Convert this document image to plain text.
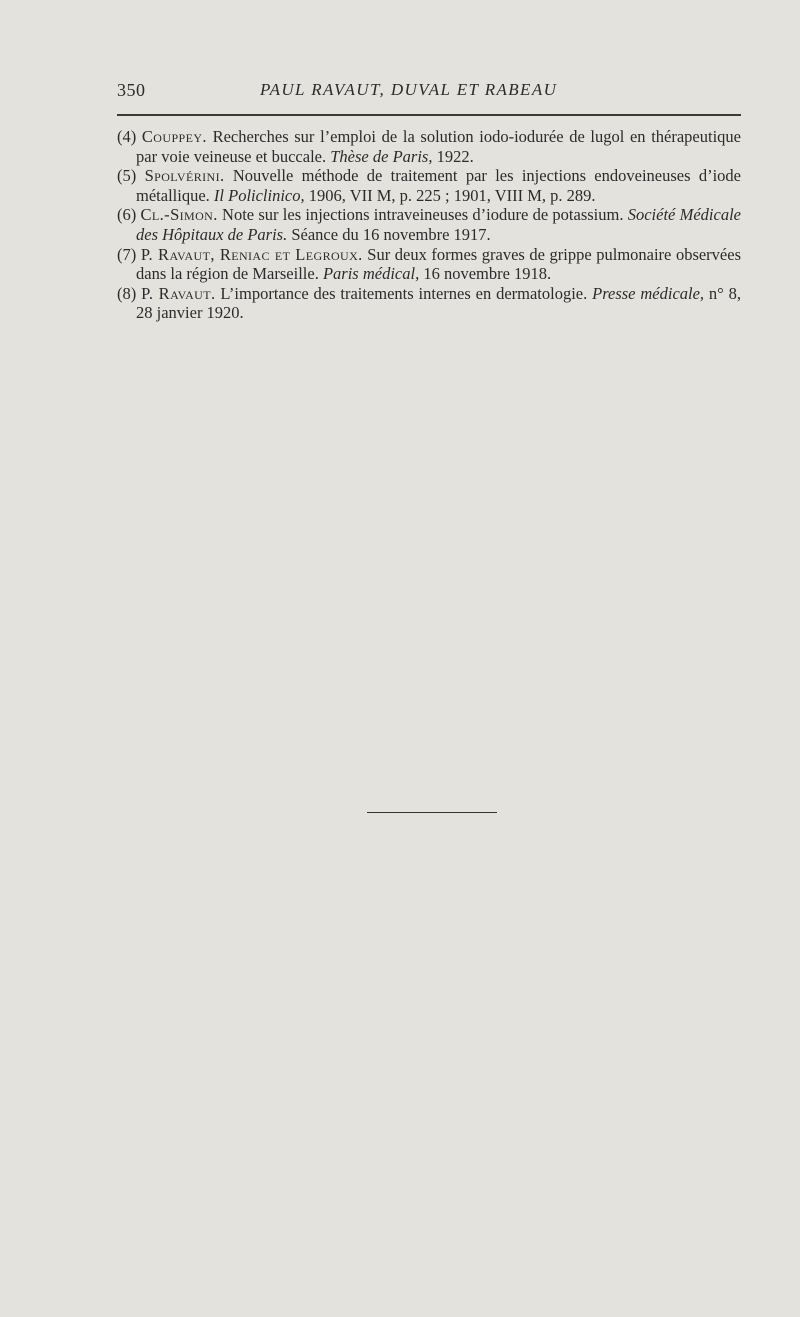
350	PAUL RAVAUT, DUVAL ET RABEAU

(4) Couppey. Recherches sur l’emploi de la solution iodo-iodurée de lugol en thérapeutique par voie veineuse et buccale. Thèse de Paris, 1922.

(5) Spolvérini. Nouvelle méthode de traitement par les injections endoveineuses d’iode métallique. Il Policlinico, 1906, VII M, p. 225 ; 1901, VIII M, p. 289.

(6) Cl.-Simon. Note sur les injections intraveineuses d’iodure de potassium. Société Médicale des Hôpitaux de Paris. Séance du 16 novembre 1917.

(7) P. Ravaut, Reniac et Legroux. Sur deux formes graves de grippe pulmonaire observées dans la région de Marseille. Paris médical, 16 novembre 1918.

(8) P. Ravaut. L’importance des traitements internes en dermatologie. Presse médicale, n° 8, 28 janvier 1920.
